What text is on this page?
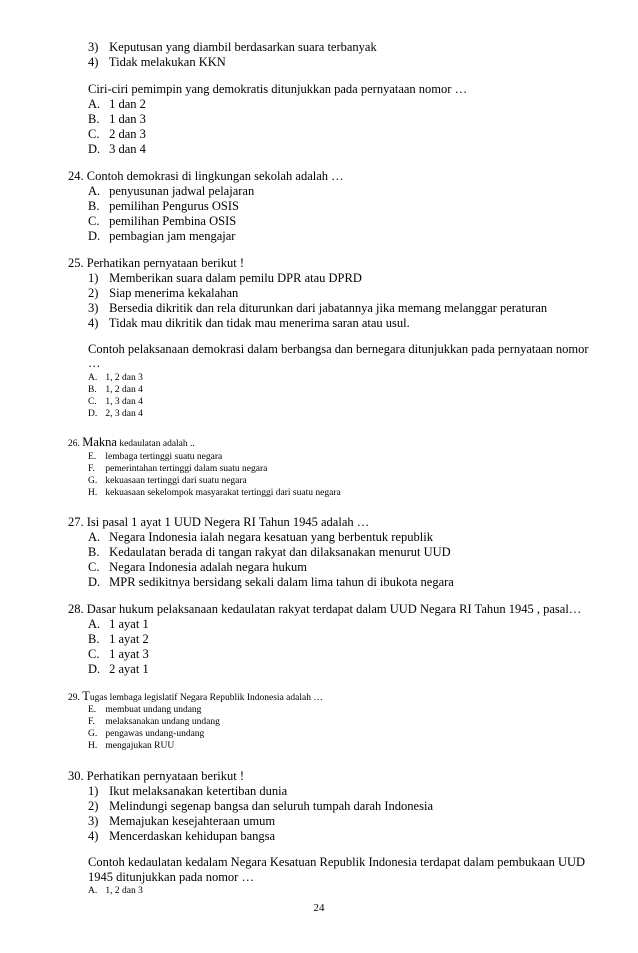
3) Keputusan yang diambil berdasarkan suara terbanyak
4) Tidak melakukan KKN
Ciri-ciri pemimpin yang demokratis ditunjukkan pada pernyataan nomor …
A. 1 dan 2
B. 1 dan 3
C. 2 dan 3
D. 3 dan 4
24. Contoh demokrasi di lingkungan sekolah adalah …
A. penyusunan jadwal pelajaran
B. pemilihan Pengurus OSIS
C. pemilihan Pembina OSIS
D. pembagian jam mengajar
25. Perhatikan pernyataan berikut !
1) Memberikan suara dalam pemilu DPR atau DPRD
2) Siap menerima kekalahan
3) Bersedia dikritik dan rela diturunkan dari jabatannya jika memang melanggar peraturan
4) Tidak mau dikritik dan tidak mau menerima saran atau usul.
Contoh pelaksanaan demokrasi dalam berbangsa dan bernegara ditunjukkan pada pernyataan nomor
…
A. 1, 2 dan 3
B. 1, 2 dan 4
C. 1, 3 dan 4
D. 2, 3 dan 4
26. Makna kedaulatan adalah ..
E. lembaga tertinggi suatu negara
F. pemerintahan tertinggi dalam suatu negara
G. kekuasaan tertinggi dari suatu negara
H. kekuasaan sekelompok masyarakat tertinggi dari suatu negara
27. Isi pasal 1 ayat 1 UUD Negera RI Tahun 1945 adalah …
A. Negara Indonesia ialah negara kesatuan yang berbentuk republik
B. Kedaulatan berada di tangan rakyat dan dilaksanakan menurut UUD
C. Negara Indonesia adalah negara hukum
D. MPR sedikitnya bersidang sekali dalam lima tahun di ibukota negara
28. Dasar hukum pelaksanaan kedaulatan rakyat terdapat dalam UUD Negara RI Tahun 1945 , pasal…
A. 1 ayat 1
B. 1 ayat 2
C. 1 ayat 3
D. 2 ayat 1
29. Tugas lembaga legislatif Negara Republik Indonesia adalah …
E. membuat undang undang
F. melaksanakan undang undang
G. pengawas undang-undang
H. mengajukan RUU
30. Perhatikan pernyataan berikut !
1) Ikut melaksanakan ketertiban dunia
2) Melindungi segenap bangsa dan seluruh tumpah darah Indonesia
3) Memajukan kesejahteraan umum
4) Mencerdaskan kehidupan bangsa
Contoh kedaulatan kedalam Negara Kesatuan Republik Indonesia terdapat dalam pembukaan UUD
1945 ditunjukkan pada nomor …
A. 1, 2 dan 3
24
